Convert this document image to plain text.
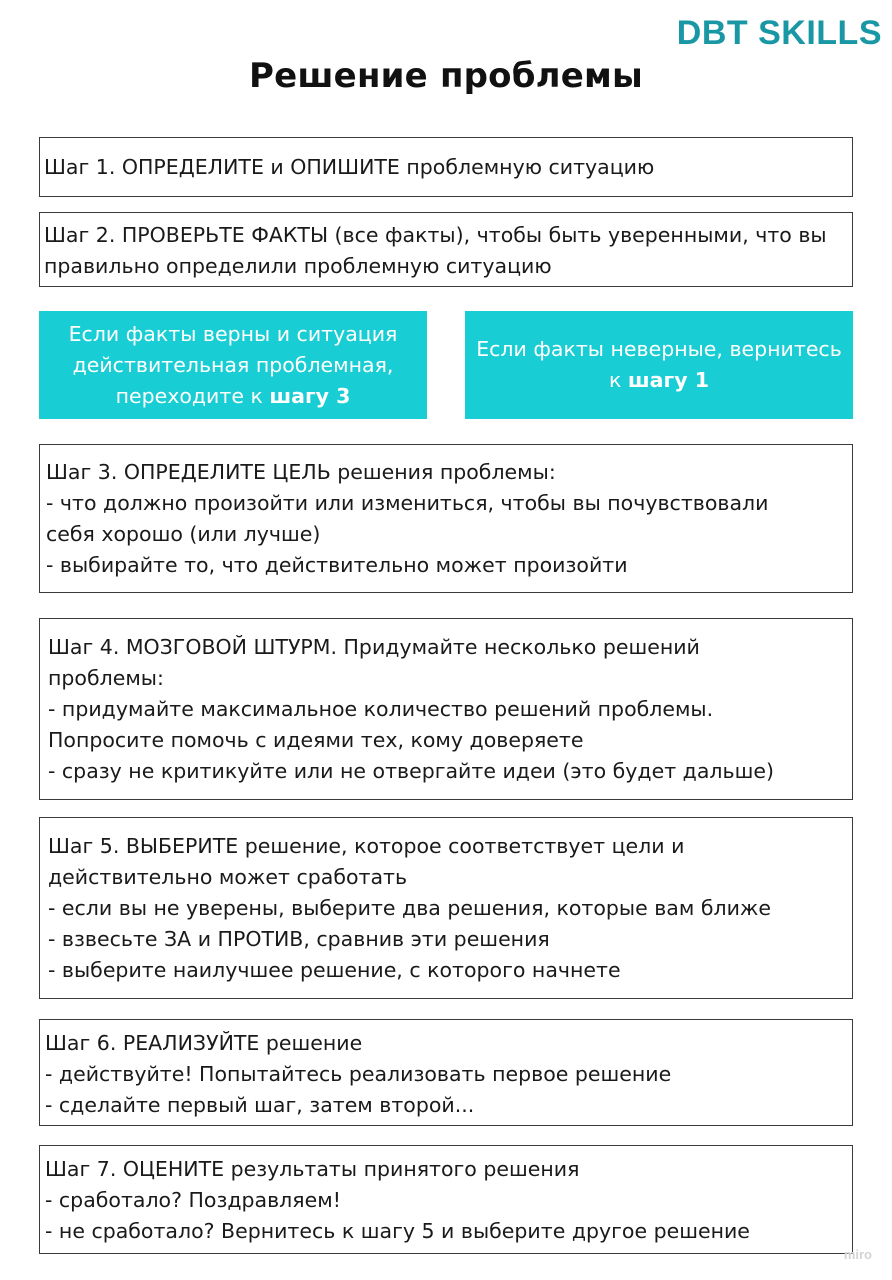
DBT SKILLS
Решение проблемы
Шаг 1. ОПРЕДЕЛИТЕ и ОПИШИТЕ проблемную ситуацию
Шаг 2. ПРОВЕРЬТЕ ФАКТЫ (все факты), чтобы быть уверенными, что вы
правильно определили проблемную ситуацию
Если факты верны и ситуация
действительная проблемная,
переходите к шагу 3
Если факты неверные, вернитесь
к шагу 1
Шаг 3. ОПРЕДЕЛИТЕ ЦЕЛЬ решения проблемы:
- что должно произойти или измениться, чтобы вы почувствовали
себя хорошо (или лучше)
- выбирайте то, что действительно может произойти
Шаг 4. МОЗГОВОЙ ШТУРМ. Придумайте несколько решений
проблемы:
- придумайте максимальное количество решений проблемы.
Попросите помочь с идеями тех, кому доверяете
- сразу не критикуйте или не отвергайте идеи (это будет дальше)
Шаг 5. ВЫБЕРИТЕ решение, которое соответствует цели и
действительно может сработать
- если вы не уверены, выберите два решения, которые вам ближе
- взвесьте ЗА и ПРОТИВ, сравнив эти решения
- выберите наилучшее решение, с которого начнете
Шаг 6. РЕАЛИЗУЙТЕ решение
- действуйте! Попытайтесь реализовать первое решение
- сделайте первый шаг, затем второй...
Шаг 7. ОЦЕНИТЕ результаты принятого решения
- сработало? Поздравляем!
- не сработало? Вернитесь к шагу 5 и выберите другое решение
miro
